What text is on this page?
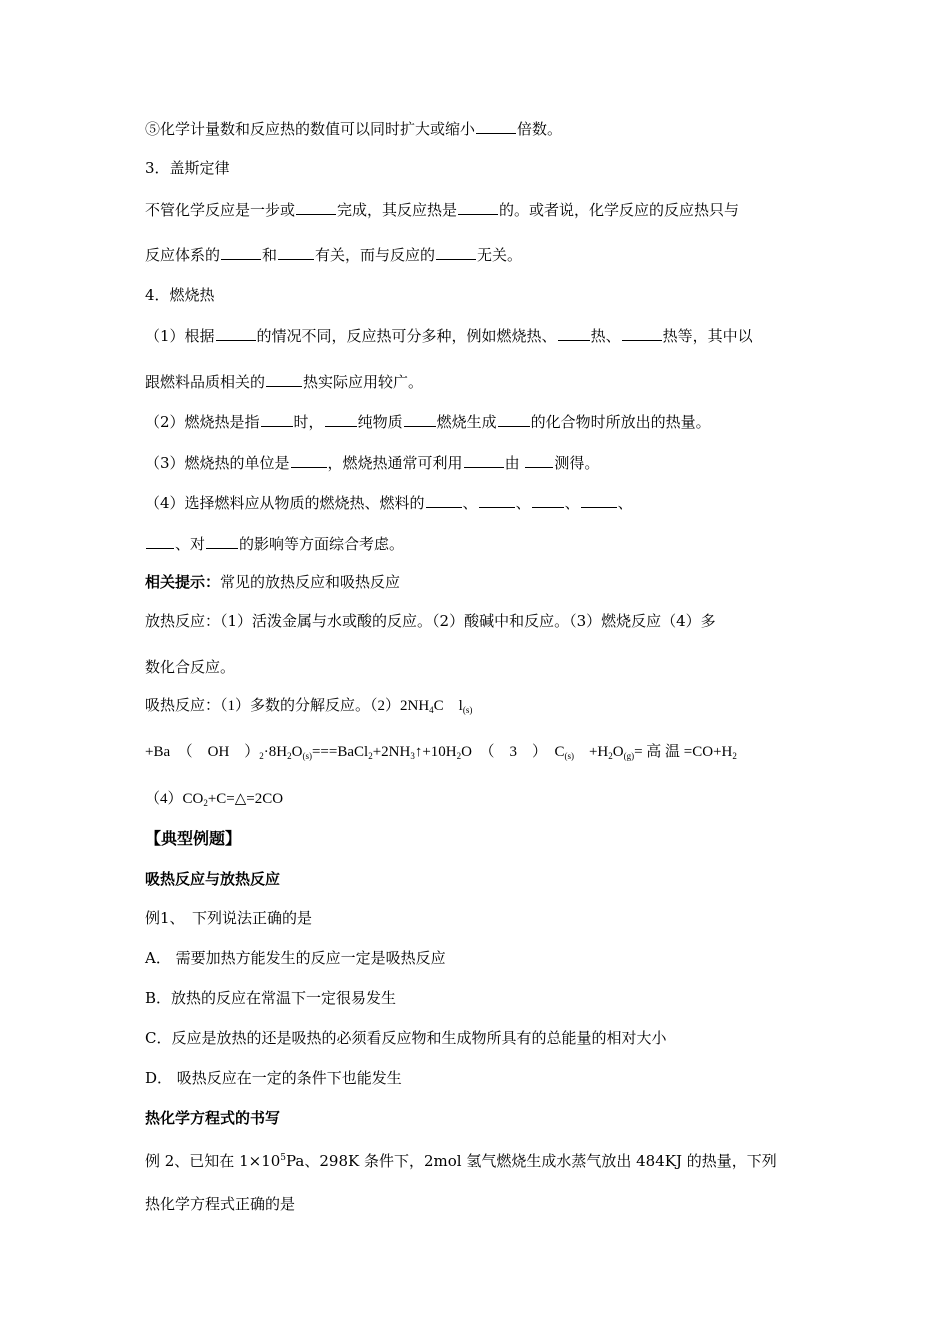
⑤化学计量数和反应热的数值可以同时扩大或缩小	倍数。
3．盖斯定律
不管化学反应是一步或	完成，其反应热是	的。或者说，化学反应的反应热只与
反应体系的	和	有关，而与反应的	无关。
4．燃烧热
（1）根据	的情况不同，反应热可分多种，例如燃烧热、 热、	热等，其中以
跟燃料品质相关的	热实际应用较广。
（2）燃烧热是指 时， 纯物质 燃烧生成 的化合物时所放出的热量。
（3）燃烧热的单位是	，燃烧热通常可利用	由 测得。
（4）选择燃料应从物质的燃烧热、燃料的	、	、 、	、
、对 的影响等方面综合考虑。
相关提示：常见的放热反应和吸热反应
放热反应：（1）活泼金属与水或酸的反应。（2）酸碱中和反应。（3）燃烧反应（4）多
数化合反应。
吸热反应：（1）多数的分解反应。$(2)2NH_4C$　$l_{(s)}$
+Ba　（　OH　）$_2\cdot 8H_2O_{(s)}===BaCl_2+2NH_3↑+10H_2O$　（　3　）　$C_{(s)}$　$+H_2O_{(g)}=$ 高 温 $=CO+H_2$
$(4)CO_2+C=\triangle=2CO$
【典型例题】
吸热反应与放热反应
例1、　下列说法正确的是
A． 需要加热方能发生的反应一定是吸热反应
B．放热的反应在常温下一定很易发生
C．反应是放热的还是吸热的必须看反应物和生成物所具有的总能量的相对大小
D． 吸热反应在一定的条件下也能发生
热化学方程式的书写
例 2、已知在 $1\times 10^5Pa$、298K 条件下，2mol 氢气燃烧生成水蒸气放出 484KJ 的热量，下列
热化学方程式正确的是
